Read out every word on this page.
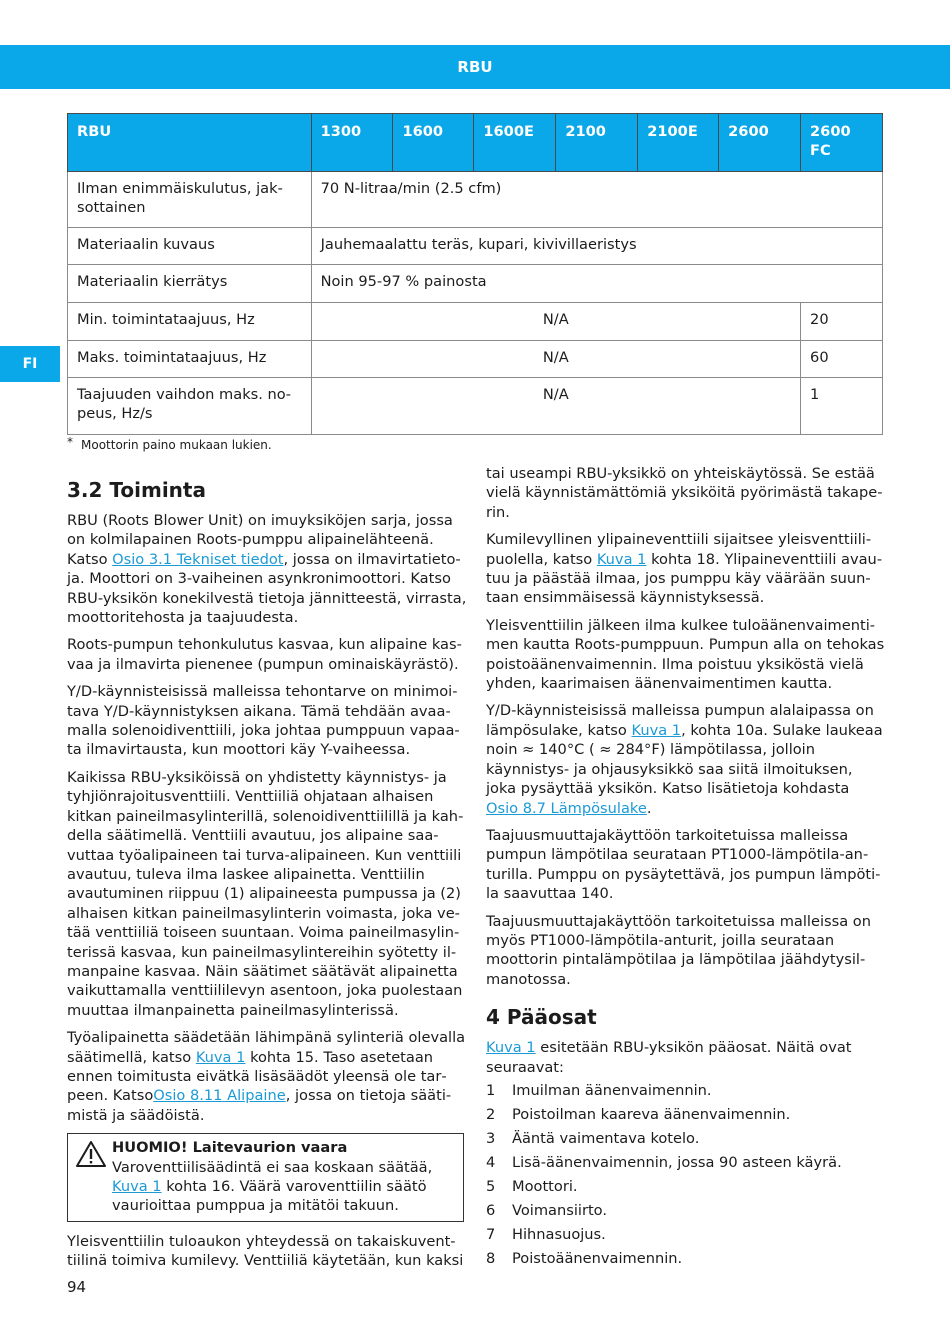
RBU
FI
RBU	1300	1600	1600E	2100	2100E	2600	2600 FC
Ilman enimmäiskulutus, jaksottainen	70 N-litraa/min (2.5 cfm)						
Materiaalin kuvaus	Jauhemaalattu teräs, kupari, kivivillaeristys						
Materiaalin kierrätys	Noin 95-97 % painosta						
Min. toimintataajuus, Hz	N/A						20
Maks. toimintataajuus, Hz	N/A						60
Taajuuden vaihdon maks. nopeus, Hz/s	N/A						1
* Moottorin paino mukaan lukien.
3.2 Toiminta

RBU (Roots Blower Unit) on imuyksiköjen sarja, jossa on kolmilapainen Roots-pumppu alipainelähteenä. Katso Osio 3.1 Tekniset tiedot, jossa on ilmavirtatietoja. Moottori on 3-vaiheinen asynkronimoottori. Katso RBU-yksikön konekilvestä tietoja jännitteestä, virrasta, moottoritehosta ja taajuudesta.

Roots-pumpun tehonkulutus kasvaa, kun alipaine kasvaa ja ilmavirta pienenee (pumpun ominaiskäyrästö).

Y/D-käynnisteisissä malleissa tehontarve on minimoitava Y/D-käynnistyksen aikana. Tämä tehdään avaamalla solenoidiventtiili, joka johtaa pumppuun vapaata ilmavirtausta, kun moottori käy Y-vaiheessa.

Kaikissa RBU-yksiköissä on yhdistetty käynnistys- ja tyhjiönrajoitusventtiili. Venttiiliä ohjataan alhaisen kitkan paineilmasylinterillä, solenoidiventtiilillä ja kahdella säätimellä. Venttiili avautuu, jos alipaine saavuttaa työalipaineen tai turva-alipaineen. Kun venttiili avautuu, tuleva ilma laskee alipainetta. Venttiilin avautuminen riippuu (1) alipaineesta pumpussa ja (2) alhaisen kitkan paineilmasylinterin voimasta, joka vetää venttiiliä toiseen suuntaan. Voima paineilmasylinterissä kasvaa, kun paineilmasylintereihin syötetty ilmanpaine kasvaa. Näin säätimet säätävät alipainetta vaikuttamalla venttiililevyn asentoon, joka puolestaan muuttaa ilmanpainetta paineilmasylinterissä.

Työalipainetta säädetään lähimpänä sylinteriä olevalla säätimellä, katso Kuva 1 kohta 15. Taso asetetaan ennen toimitusta eivätkä lisäsäädöt yleensä ole tarpeen. KatsoOsio 8.11 Alipaine, jossa on tietoja säätimistä ja säädöistä.

HUOMIO! Laitevaurion vaara
Varoventtiilisäädintä ei saa koskaan säätää, Kuva 1 kohta 16. Väärä varoventtiilin säätö vaurioittaa pumppua ja mitätöi takuun.

Yleisventtiilin tuloaukon yhteydessä on takaiskuventtiilinä toimiva kumilevy. Venttiiliä käytetään, kun kaksi

tai useampi RBU-yksikkö on yhteiskäytössä. Se estää vielä käynnistämättömiä yksiköitä pyörimästä takaperin.

Kumilevyllinen ylipaineventtiili sijaitsee yleisventtiilipuolella, katso Kuva 1 kohta 18. Ylipaineventtiili avautuu ja päästää ilmaa, jos pumppu käy väärään suuntaan ensimmäisessä käynnistyksessä.

Yleisventtiilin jälkeen ilma kulkee tuloäänenvaimentimen kautta Roots-pumppuun. Pumpun alla on tehokas poistoäänenvaimennin. Ilma poistuu yksiköstä vielä yhden, kaarimaisen äänenvaimentimen kautta.

Y/D-käynnisteisissä malleissa pumpun alalaipassa on lämpösulake, katso Kuva 1, kohta 10a. Sulake laukeaa noin ≈ 140°C ( ≈ 284°F) lämpötilassa, jolloin käynnistys- ja ohjausyksikkö saa siitä ilmoituksen, joka pysäyttää yksikön. Katso lisätietoja kohdasta Osio 8.7 Lämpösulake.

Taajuusmuuttajakäyttöön tarkoitetuissa malleissa pumpun lämpötilaa seurataan PT1000-lämpötila-anturilla. Pumppu on pysäytettävä, jos pumpun lämpötila saavuttaa 140.

Taajuusmuuttajakäyttöön tarkoitetuissa malleissa on myös PT1000-lämpötila-anturit, joilla seurataan moottorin pintalämpötilaa ja lämpötilaa jäähdytysilmanotossa.

4 Pääosat

Kuva 1 esitetään RBU-yksikön pääosat. Näitä ovat seuraavat:

1	Imuilman äänenvaimennin.
2	Poistoilman kaareva äänenvaimennin.
3	Ääntä vaimentava kotelo.
4	Lisä-äänenvaimennin, jossa 90 asteen käyrä.
5	Moottori.
6	Voimansiirto.
7	Hihnasuojus.
8	Poistoäänenvaimennin.
94
